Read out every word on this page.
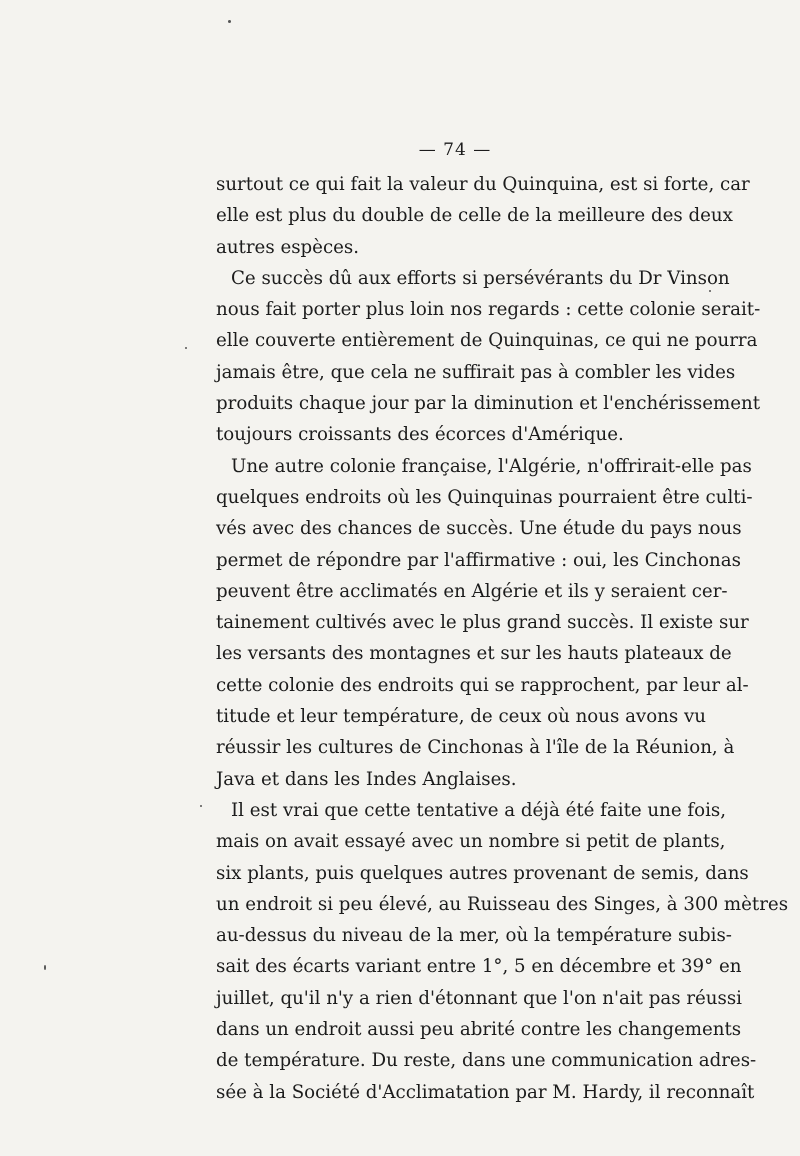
— 74 —
surtout ce qui fait la valeur du Quinquina, est si forte, car
elle est plus du double de celle de la meilleure des deux
autres espèces.
Ce succès dû aux efforts si persévérants du Dr Vinson
nous fait porter plus loin nos regards : cette colonie serait-
elle couverte entièrement de Quinquinas, ce qui ne pourra
jamais être, que cela ne suffirait pas à combler les vides
produits chaque jour par la diminution et l'enchérissement
toujours croissants des écorces d'Amérique.
Une autre colonie française, l'Algérie, n'offrirait-elle pas
quelques endroits où les Quinquinas pourraient être culti-
vés avec des chances de succès. Une étude du pays nous
permet de répondre par l'affirmative : oui, les Cinchonas
peuvent être acclimatés en Algérie et ils y seraient cer-
tainement cultivés avec le plus grand succès. Il existe sur
les versants des montagnes et sur les hauts plateaux de
cette colonie des endroits qui se rapprochent, par leur al-
titude et leur température, de ceux où nous avons vu
réussir les cultures de Cinchonas à l'île de la Réunion, à
Java et dans les Indes Anglaises.
Il est vrai que cette tentative a déjà été faite une fois,
mais on avait essayé avec un nombre si petit de plants,
six plants, puis quelques autres provenant de semis, dans
un endroit si peu élevé, au Ruisseau des Singes, à 300 mètres
au-dessus du niveau de la mer, où la température subis-
sait des écarts variant entre 1°, 5 en décembre et 39° en
juillet, qu'il n'y a rien d'étonnant que l'on n'ait pas réussi
dans un endroit aussi peu abrité contre les changements
de température. Du reste, dans une communication adres-
sée à la Société d'Acclimatation par M. Hardy, il reconnaît
